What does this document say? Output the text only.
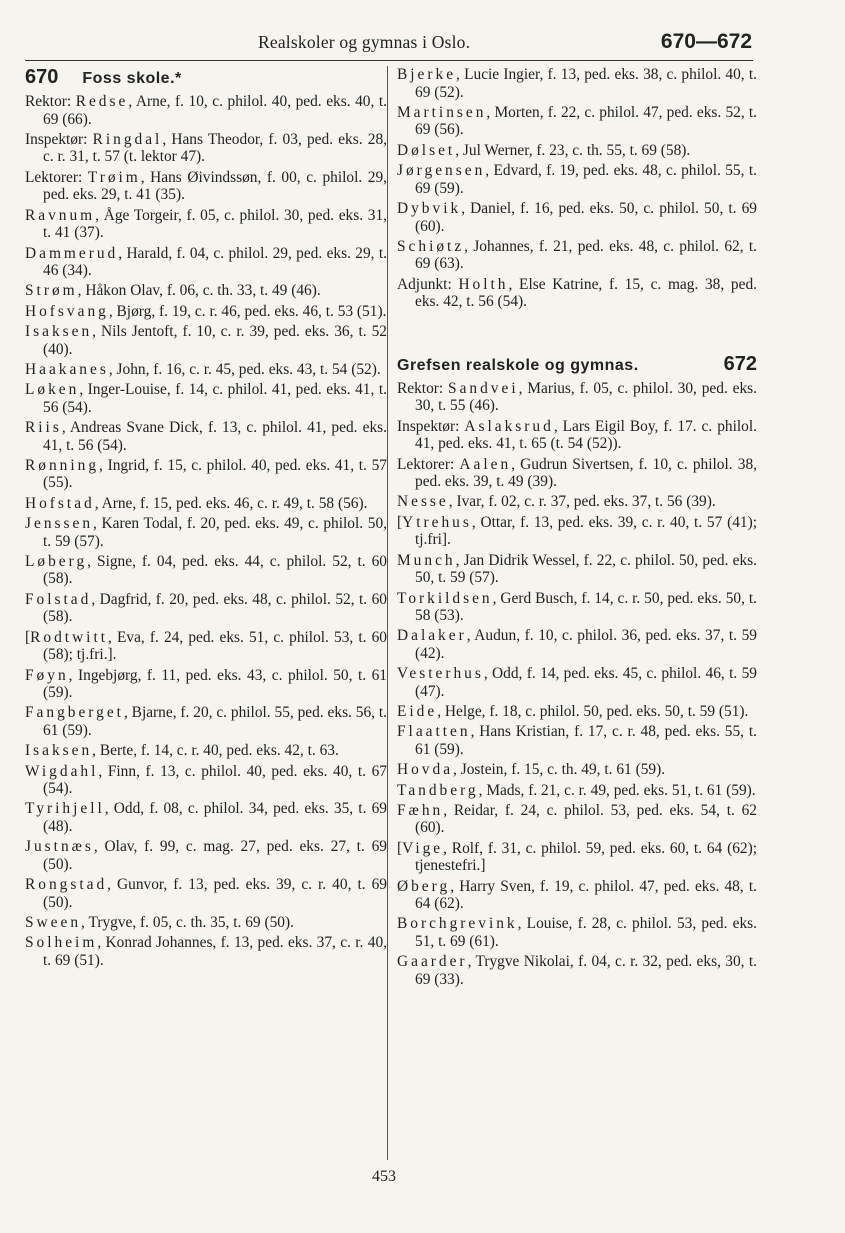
Realskoler og gymnas i Oslo.	670—672
670 Foss skole.*
Rektor: Redse, Arne, f. 10, c. philol. 40, ped. eks. 40, t. 69 (66).
Inspektør: Ringdal, Hans Theodor, f. 03, ped. eks. 28, c. r. 31, t. 57 (t. lektor 47).
Lektorer: Trøim, Hans Øivindssøn, f. 00, c. philol. 29, ped. eks. 29, t. 41 (35).
Ravnum, Åge Torgeir, f. 05, c. philol. 30, ped. eks. 31, t. 41 (37).
Dammerud, Harald, f. 04, c. philol. 29, ped. eks. 29, t. 46 (34).
Strøm, Håkon Olav, f. 06, c. th. 33, t. 49 (46).
Hofsvang, Bjørg, f. 19, c. r. 46, ped. eks. 46, t. 53 (51).
Isaksen, Nils Jentoft, f. 10, c. r. 39, ped. eks. 36, t. 52 (40).
Haakanes, John, f. 16, c. r. 45, ped. eks. 43, t. 54 (52).
Løken, Inger-Louise, f. 14, c. philol. 41, ped. eks. 41, t. 56 (54).
Riis, Andreas Svane Dick, f. 13, c. philol. 41, ped. eks. 41, t. 56 (54).
Rønning, Ingrid, f. 15, c. philol. 40, ped. eks. 41, t. 57 (55).
Hofstad, Arne, f. 15, ped. eks. 46, c. r. 49, t. 58 (56).
Jenssen, Karen Todal, f. 20, ped. eks. 49, c. philol. 50, t. 59 (57).
Løberg, Signe, f. 04, ped. eks. 44, c. philol. 52, t. 60 (58).
Folstad, Dagfrid, f. 20, ped. eks. 48, c. philol. 52, t. 60 (58).
[Rodtwitt, Eva, f. 24, ped. eks. 51, c. philol. 53, t. 60 (58); tj.fri.].
Føyn, Ingebjørg, f. 11, ped. eks. 43, c. philol. 50, t. 61 (59).
Fangberget, Bjarne, f. 20, c. philol. 55, ped. eks. 56, t. 61 (59).
Isaksen, Berte, f. 14, c. r. 40, ped. eks. 42, t. 63.
Wigdahl, Finn, f. 13, c. philol. 40, ped. eks. 40, t. 67 (54).
Tyrihjell, Odd, f. 08, c. philol. 34, ped. eks. 35, t. 69 (48).
Justnæs, Olav, f. 99, c. mag. 27, ped. eks. 27, t. 69 (50).
Rongstad, Gunvor, f. 13, ped. eks. 39, c. r. 40, t. 69 (50).
Sween, Trygve, f. 05, c. th. 35, t. 69 (50).
Solheim, Konrad Johannes, f. 13, ped. eks. 37, c. r. 40, t. 69 (51).
Bjerke, Lucie Ingier, f. 13, ped. eks. 38, c. philol. 40, t. 69 (52).
Martinsen, Morten, f. 22, c. philol. 47, ped. eks. 52, t. 69 (56).
Dølset, Jul Werner, f. 23, c. th. 55, t. 69 (58).
Jørgensen, Edvard, f. 19, ped. eks. 48, c. philol. 55, t. 69 (59).
Dybvik, Daniel, f. 16, ped. eks. 50, c. philol. 50, t. 69 (60).
Schiøtz, Johannes, f. 21, ped. eks. 48, c. philol. 62, t. 69 (63).
Adjunkt: Holth, Else Katrine, f. 15, c. mag. 38, ped. eks. 42, t. 56 (54).
Grefsen realskole og gymnas.	672
Rektor: Sandvei, Marius, f. 05, c. philol. 30, ped. eks. 30, t. 55 (46).
Inspektør: Aslaksrud, Lars Eigil Boy, f. 17. c. philol. 41, ped. eks. 41, t. 65 (t. 54 (52)).
Lektorer: Aalen, Gudrun Sivertsen, f. 10, c. philol. 38, ped. eks. 39, t. 49 (39).
Nesse, Ivar, f. 02, c. r. 37, ped. eks. 37, t. 56 (39).
[Ytrehus, Ottar, f. 13, ped. eks. 39, c. r. 40, t. 57 (41); tj.fri].
Munch, Jan Didrik Wessel, f. 22, c. philol. 50, ped. eks. 50, t. 59 (57).
Torkildsen, Gerd Busch, f. 14, c. r. 50, ped. eks. 50, t. 58 (53).
Dalaker, Audun, f. 10, c. philol. 36, ped. eks. 37, t. 59 (42).
Vesterhus, Odd, f. 14, ped. eks. 45, c. philol. 46, t. 59 (47).
Eide, Helge, f. 18, c. philol. 50, ped. eks. 50, t. 59 (51).
Flaatten, Hans Kristian, f. 17, c. r. 48, ped. eks. 55, t. 61 (59).
Hovda, Jostein, f. 15, c. th. 49, t. 61 (59).
Tandberg, Mads, f. 21, c. r. 49, ped. eks. 51, t. 61 (59).
Fæhn, Reidar, f. 24, c. philol. 53, ped. eks. 54, t. 62 (60).
[Vige, Rolf, f. 31, c. philol. 59, ped. eks. 60, t. 64 (62); tjenestefri.]
Øberg, Harry Sven, f. 19, c. philol. 47, ped. eks. 48, t. 64 (62).
Borchgrevink, Louise, f. 28, c. philol. 53, ped. eks. 51, t. 69 (61).
Gaarder, Trygve Nikolai, f. 04, c. r. 32, ped. eks, 30, t. 69 (33).
453
